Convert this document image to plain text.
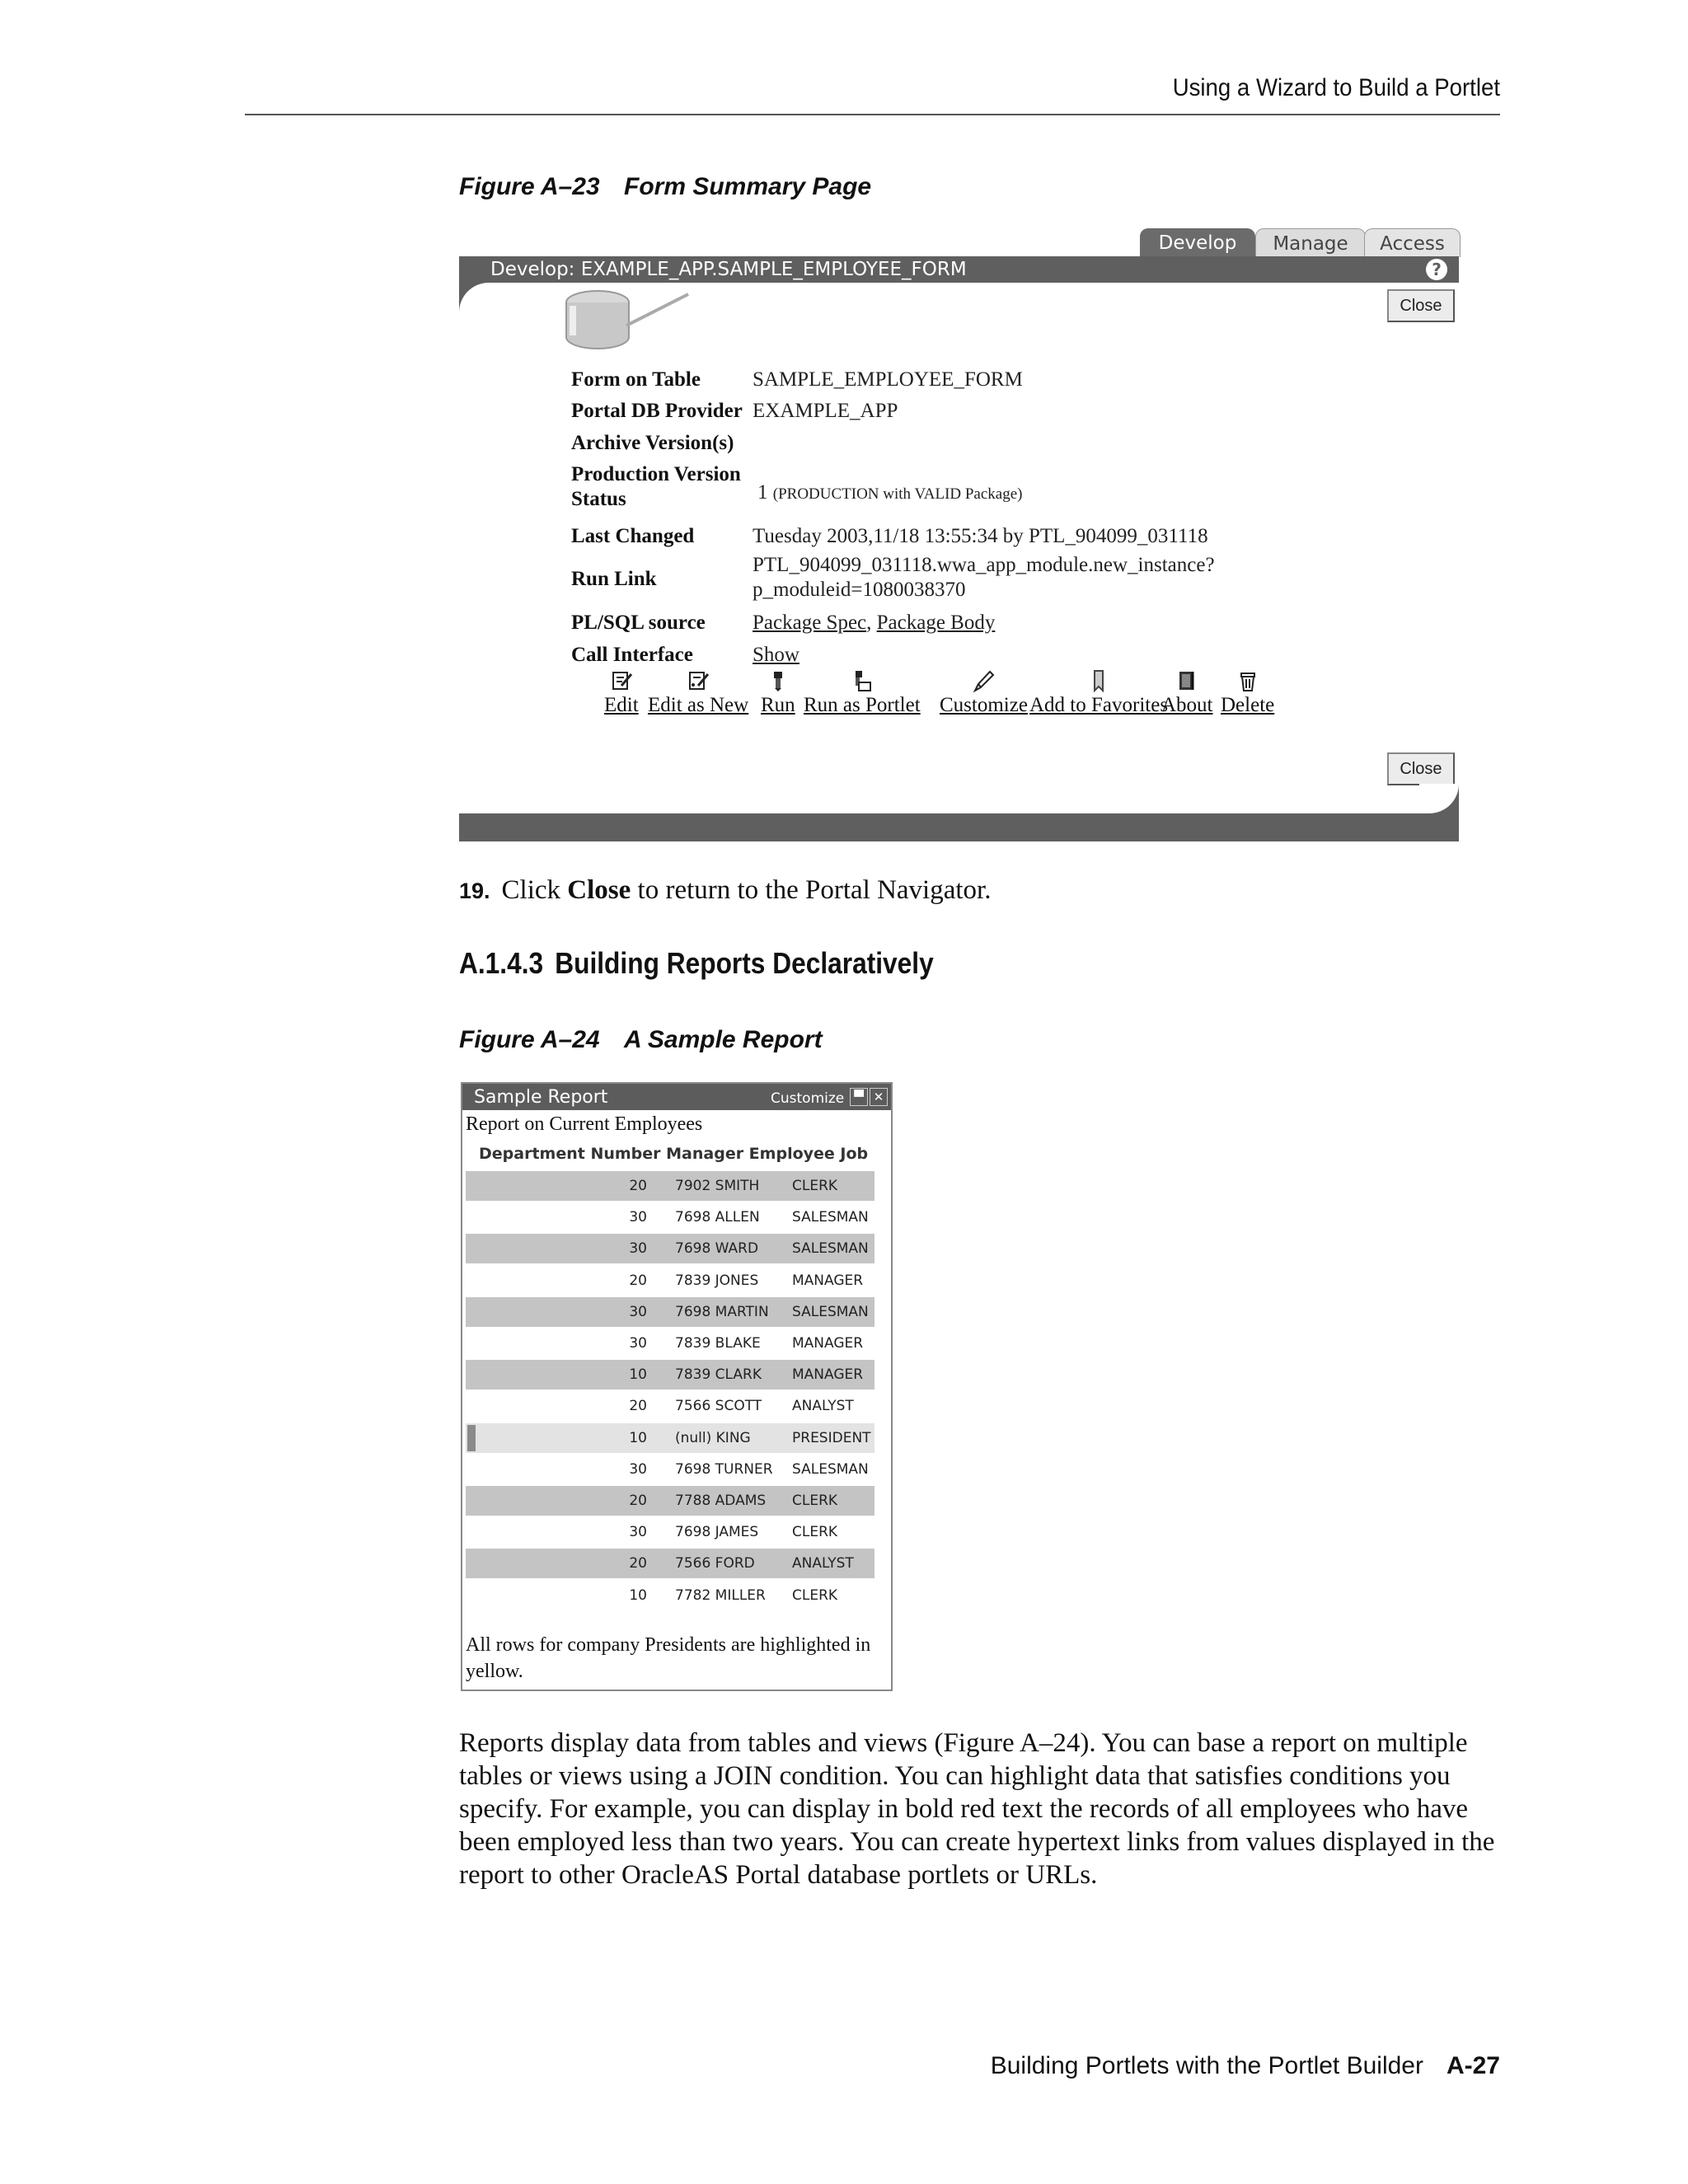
Using a Wizard to Build a Portlet
Figure A–23 Form Summary Page
Develop	Manage	Access
Develop: EXAMPLE_APP.SAMPLE_EMPLOYEE_FORM	?
Close
Form on Table	SAMPLE_EMPLOYEE_FORM
Portal DB Provider EXAMPLE_APP
Archive Version(s)
Production Version
Status	1 (PRODUCTION with VALID Package)
Last Changed	Tuesday 2003,11/18 13:55:34 by PTL_904099_031118
Run Link
PTL_904099_031118.wwa_app_module.new_instance?
p_moduleid=1080038370
PL/SQL source Package Spec, Package Body
Call Interface	Show
Edit Edit as New Run Run as Portlet Customize Add to Favorites
About Delete
Close
19. Click Close to return to the Portal Navigator.
A.1.4.3 Building Reports Declaratively
Figure A–24 A Sample Report
Sample Report	Customize ▀ ✕
Report on Current Employees
Department Number Manager Employee Job
20 7902 SMITH CLERK
30 7698 ALLEN SALESMAN
30 7698 WARD SALESMAN
20 7839 JONES MANAGER
30 7698 MARTIN SALESMAN
30 7839 BLAKE MANAGER
10 7839 CLARK MANAGER
20 7566 SCOTT ANALYST
10 (null) KING	PRESIDENT
30 7698 TURNER SALESMAN
20 7788 ADAMS CLERK
30 7698 JAMES CLERK
20 7566 FORD	ANALYST
10 7782 MILLER CLERK
All rows for company Presidents are highlighted in yellow.
Reports display data from tables and views (Figure A–24). You can base a report on multiple tables or views using a JOIN condition. You can highlight data that satisfies conditions you specify. For example, you can display in bold red text the records of all employees who have been employed less than two years. You can create hypertext links from values displayed in the report to other OracleAS Portal database portlets or URLs.
Building Portlets with the Portlet Builder A-27
